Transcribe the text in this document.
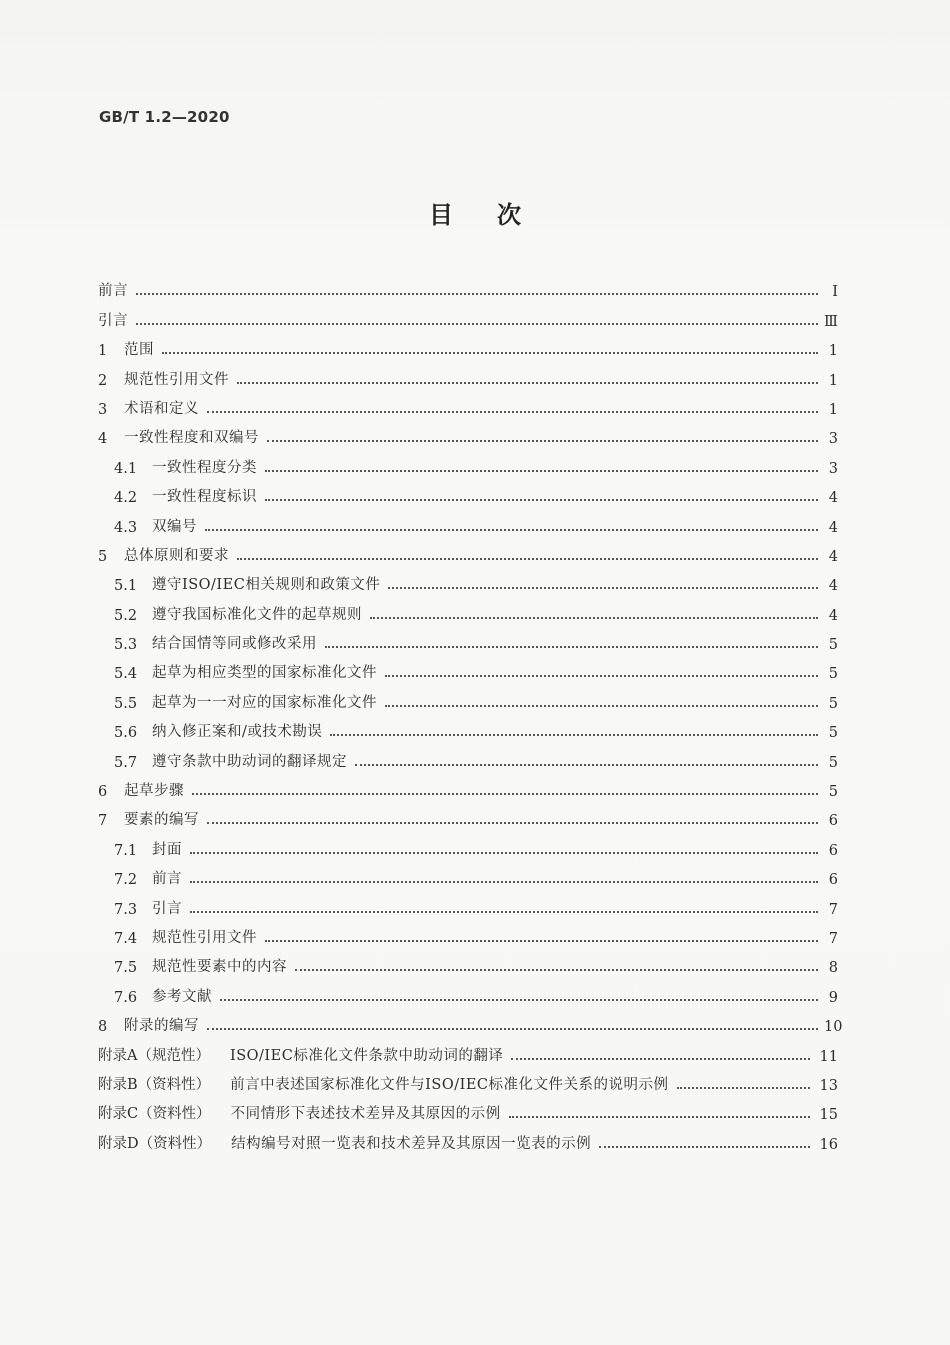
GB/T 1.2—2020
目次
前言	Ⅰ
引言	Ⅲ
1	范围	1
2	规范性引用文件	1
3	术语和定义	1
4	一致性程度和双编号	3
4.1	一致性程度分类	3
4.2	一致性程度标识	4
4.3	双编号	4
5	总体原则和要求	4
5.1	遵守ISO/IEC相关规则和政策文件	4
5.2	遵守我国标准化文件的起草规则	4
5.3	结合国情等同或修改采用	5
5.4	起草为相应类型的国家标准化文件	5
5.5	起草为一一对应的国家标准化文件	5
5.6	纳入修正案和/或技术勘误	5
5.7	遵守条款中助动词的翻译规定	5
6	起草步骤	5
7	要素的编写	6
7.1	封面	6
7.2	前言	6
7.3	引言	7
7.4	规范性引用文件	7
7.5	规范性要素中的内容	8
7.6	参考文献	9
8	附录的编写	10
附录A（规范性）	ISO/IEC标准化文件条款中助动词的翻译	11
附录B（资料性）	前言中表述国家标准化文件与ISO/IEC标准化文件关系的说明示例	13
附录C（资料性）	不同情形下表述技术差异及其原因的示例	15
附录D（资料性）	结构编号对照一览表和技术差异及其原因一览表的示例	16
